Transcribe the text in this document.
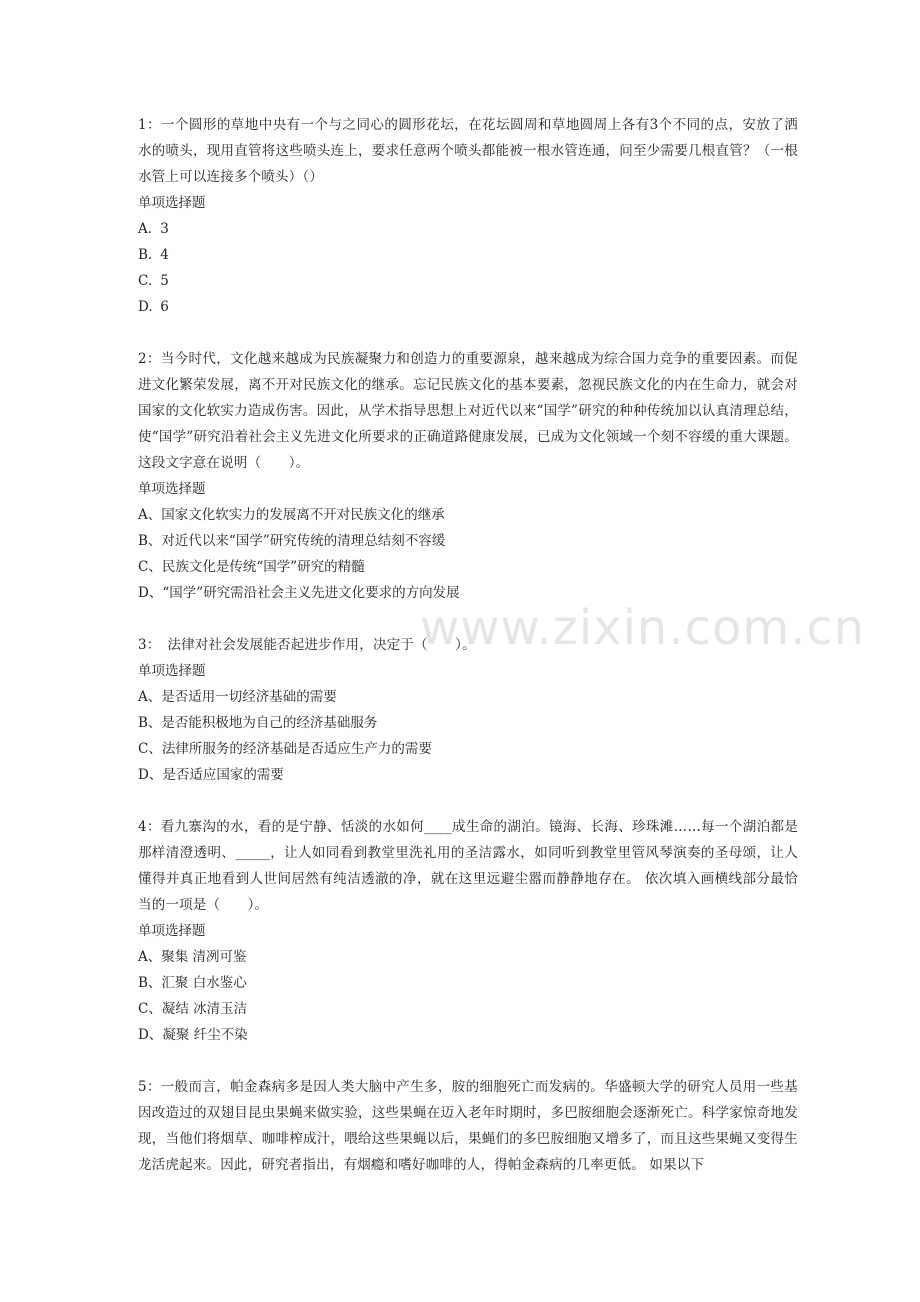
www.zixin.com.cn

1：一个圆形的草地中央有一个与之同心的圆形花坛，在花坛圆周和草地圆周上各有3个不同的点，安放了洒水的喷头，现用直管将这些喷头连上，要求任意两个喷头都能被一根水管连通，问至少需要几根直管？（一根水管上可以连接多个喷头）（）

单项选择题

A. 3

B. 4

C. 5

D. 6

2：当今时代，文化越来越成为民族凝聚力和创造力的重要源泉，越来越成为综合国力竞争的重要因素。而促进文化繁荣发展，离不开对民族文化的继承。忘记民族文化的基本要素，忽视民族文化的内在生命力，就会对国家的文化软实力造成伤害。因此，从学术指导思想上对近代以来“国学”研究的种种传统加以认真清理总结，使“国学”研究沿着社会主义先进文化所要求的正确道路健康发展，已成为文化领域一个刻不容缓的重大课题。这段文字意在说明（　　）。

单项选择题

A、国家文化软实力的发展离不开对民族文化的继承

B、对近代以来“国学”研究传统的清理总结刻不容缓

C、民族文化是传统“国学”研究的精髓

D、“国学”研究需沿社会主义先进文化要求的方向发展

3：　法律对社会发展能否起进步作用，决定于（　　）。

单项选择题

A、是否适用一切经济基础的需要

B、是否能积极地为自己的经济基础服务

C、法律所服务的经济基础是否适应生产力的需要

D、是否适应国家的需要

4：看九寨沟的水，看的是宁静、恬淡的水如何____成生命的湖泊。镜海、长海、珍珠滩……每一个湖泊都是那样清澄透明、_____，让人如同看到教堂里洗礼用的圣洁露水，如同听到教堂里管风琴演奏的圣母颂，让人懂得并真正地看到人世间居然有纯洁透澈的净，就在这里远避尘嚣而静静地存在。 依次填入画横线部分最恰当的一项是（　　）。

单项选择题

A、聚集 清冽可鉴

B、汇聚 白水鉴心

C、凝结 冰清玉洁

D、凝聚 纤尘不染

5：一般而言，帕金森病多是因人类大脑中产生多，胺的细胞死亡而发病的。华盛顿大学的研究人员用一些基因改造过的双翅目昆虫果蝇来做实验，这些果蝇在迈入老年时期时，多巴胺细胞会逐渐死亡。科学家惊奇地发现，当他们将烟草、咖啡榨成汁，喂给这些果蝇以后，果蝇们的多巴胺细胞又增多了，而且这些果蝇又变得生龙活虎起来。因此，研究者指出，有烟瘾和嗜好咖啡的人，得帕金森病的几率更低。 如果以下
